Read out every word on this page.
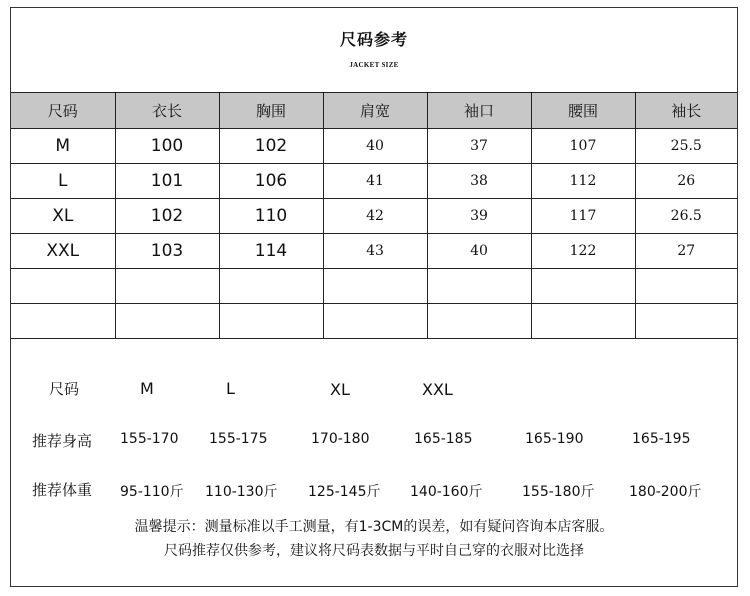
尺码参考
JACKET SIZE
尺码	衣长	胸围	肩宽	袖口	腰围	袖长
M	100	102	40	37	107	25.5
L	101	106	41	38	112	26
XL	102	110	42	39	117	26.5
XXL	103	114	43	40	122	27

尺码	M	L	XL	XXL
推荐身高 155-170 155-175	170-180	165-185	165-190	165-195
推荐体重 95-110斤 110-130斤 125-145斤 140-160斤	155-180斤 180-200斤
温馨提示：测量标准以手工测量，有1-3CM的误差，如有疑问咨询本店客服。
尺码推荐仅供参考，建议将尺码表数据与平时自己穿的衣服对比选择
